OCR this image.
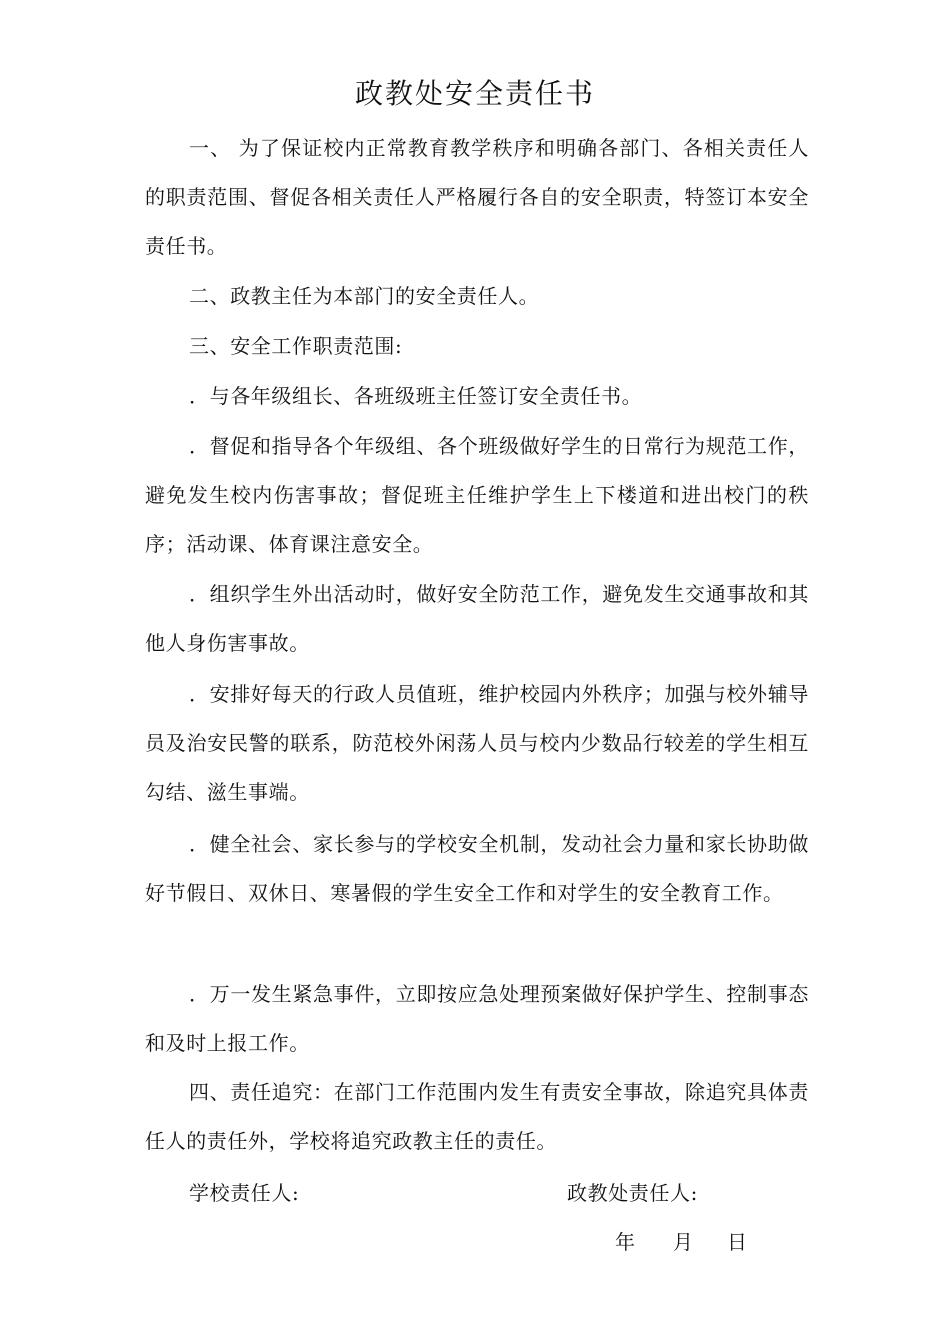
政教处安全责任书
一、 为了保证校内正常教育教学秩序和明确各部门、各相关责任人的职责范围、督促各相关责任人严格履行各自的安全职责，特签订本安全责任书。
二、政教主任为本部门的安全责任人。
三、安全工作职责范围:
．与各年级组长、各班级班主任签订安全责任书。
．督促和指导各个年级组、各个班级做好学生的日常行为规范工作，避免发生校内伤害事故；督促班主任维护学生上下楼道和进出校门的秩序；活动课、体育课注意安全。
．组织学生外出活动时，做好安全防范工作，避免发生交通事故和其他人身伤害事故。
．安排好每天的行政人员值班，维护校园内外秩序；加强与校外辅导员及治安民警的联系，防范校外闲荡人员与校内少数品行较差的学生相互勾结、滋生事端。
．健全社会、家长参与的学校安全机制，发动社会力量和家长协助做好节假日、双休日、寒暑假的学生安全工作和对学生的安全教育工作。
．万一发生紧急事件，立即按应急处理预案做好保护学生、控制事态和及时上报工作。
四、责任追究：在部门工作范围内发生有责安全事故，除追究具体责任人的责任外，学校将追究政教主任的责任。
学校责任人:	政教处责任人:
年 月 日
